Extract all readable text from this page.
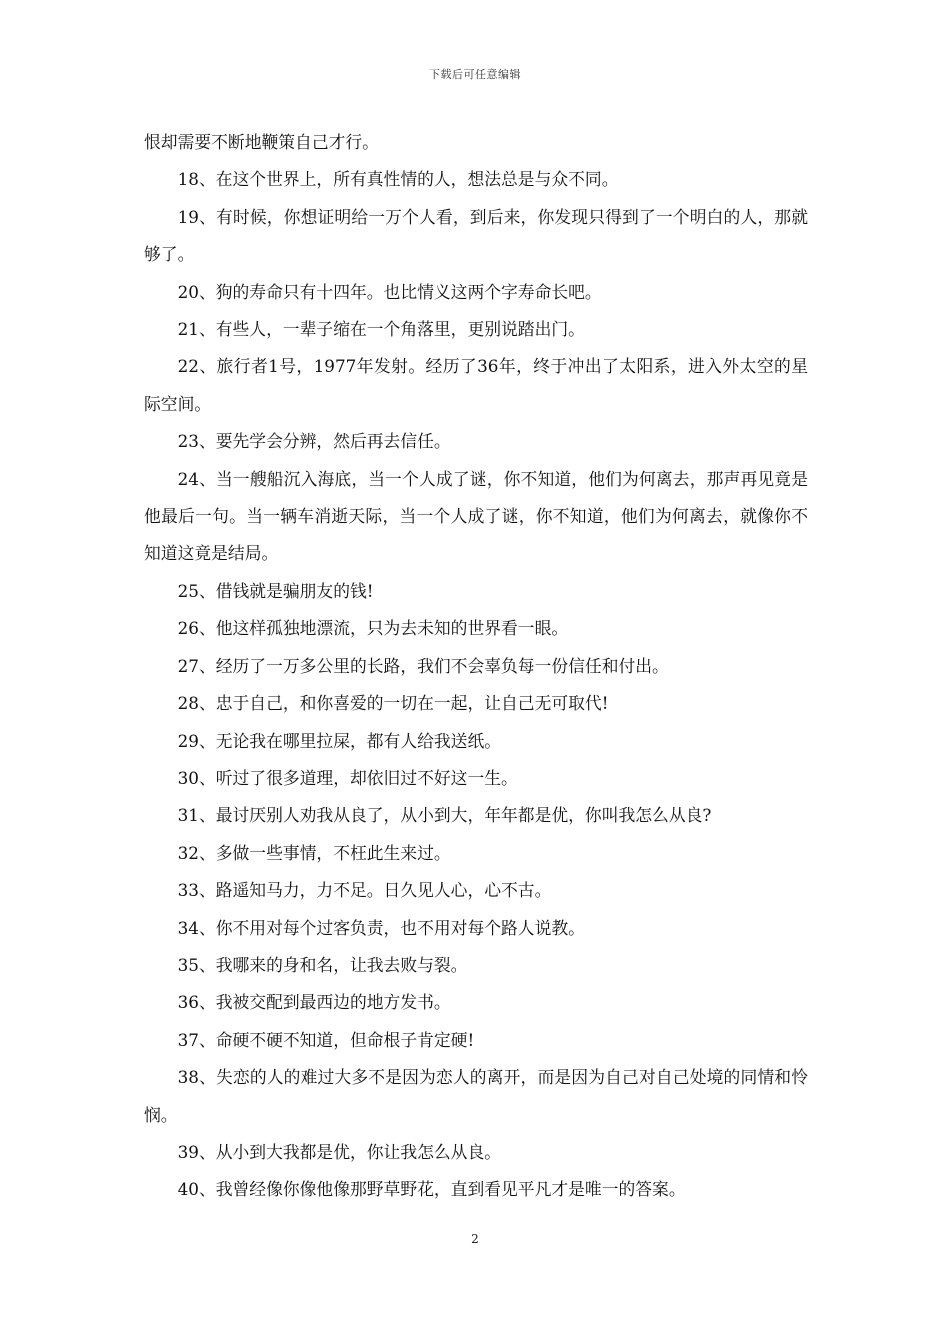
下载后可任意编辑

恨却需要不断地鞭策自己才行。

18、在这个世界上，所有真性情的人，想法总是与众不同。

19、有时候，你想证明给一万个人看，到后来，你发现只得到了一个明白的人，那就够了。

20、狗的寿命只有十四年。也比情义这两个字寿命长吧。

21、有些人，一辈子缩在一个角落里，更别说踏出门。

22、旅行者1号，1977年发射。经历了36年，终于冲出了太阳系，进入外太空的星际空间。

23、要先学会分辨，然后再去信任。

24、当一艘船沉入海底，当一个人成了谜，你不知道，他们为何离去，那声再见竟是他最后一句。当一辆车消逝天际，当一个人成了谜，你不知道，他们为何离去，就像你不知道这竟是结局。

25、借钱就是骗朋友的钱!

26、他这样孤独地漂流，只为去未知的世界看一眼。

27、经历了一万多公里的长路，我们不会辜负每一份信任和付出。

28、忠于自己，和你喜爱的一切在一起，让自己无可取代!

29、无论我在哪里拉屎，都有人给我送纸。

30、听过了很多道理，却依旧过不好这一生。

31、最讨厌别人劝我从良了，从小到大，年年都是优，你叫我怎么从良?

32、多做一些事情，不枉此生来过。

33、路遥知马力，力不足。日久见人心，心不古。

34、你不用对每个过客负责，也不用对每个路人说教。

35、我哪来的身和名，让我去败与裂。

36、我被交配到最西边的地方发书。

37、命硬不硬不知道，但命根子肯定硬!

38、失恋的人的难过大多不是因为恋人的离开，而是因为自己对自己处境的同情和怜悯。

39、从小到大我都是优，你让我怎么从良。

40、我曾经像你像他像那野草野花，直到看见平凡才是唯一的答案。

2
